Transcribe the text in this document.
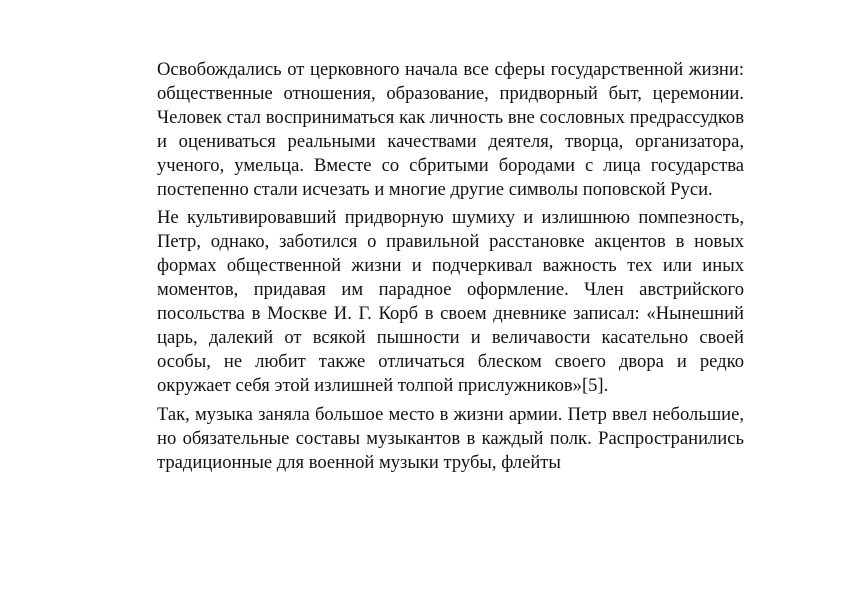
Освобождались от церковного начала все сферы государственной жизни: общественные отношения, образование, придворный быт, церемонии. Человек стал восприниматься как личность вне сословных предрассудков и оцениваться реальными качествами деятеля, творца, организатора, ученого, умельца. Вместе со сбритыми бородами с лица государства постепенно стали исчезать и многие другие символы поповской Руси.

Не культивировавший придворную шумиху и излишнюю помпезность, Петр, однако, заботился о правильной расстановке акцентов в новых формах общественной жизни и подчеркивал важность тех или иных моментов, придавая им парадное оформление. Член австрийского посольства в Москве И. Г. Корб в своем дневнике записал: «Нынешний царь, далекий от всякой пышности и величавости касательно своей особы, не любит также отличаться блеском своего двора и редко окружает себя этой излишней толпой прислужников»[5].

Так, музыка заняла большое место в жизни армии. Петр ввел небольшие, но обязательные составы музыкантов в каждый полк. Распространились традиционные для военной музыки трубы, флейты
